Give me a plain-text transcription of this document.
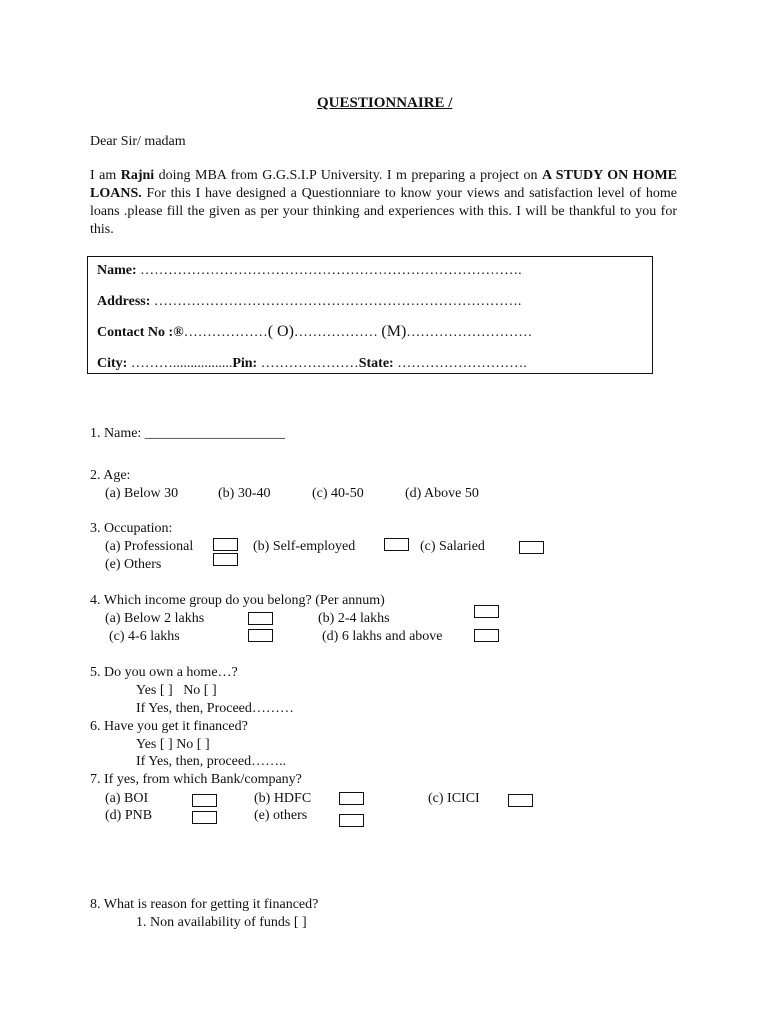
QUESTIONNAIRE /
Dear Sir/ madam
I am Rajni doing MBA from G.G.S.I.P University. I m preparing a project on A STUDY ON HOME LOANS. For this I have designed a Questionniare to know your views and satisfaction level of home loans .please fill the given as per your thinking and experiences with this. I will be thankful to you for this.
Name: ……………………………………………………………………….
Address: …………………………………………………………………….
Contact No :®………………( O)……………… (M)………………………
City: ……….................Pin: …………………State: ……………………….
1. Name: ____________________
2. Age:
(a) Below 30	(b) 30-40	(c) 40-50	(d) Above 50
3. Occupation:
(a) Professional	(b) Self-employed	(c) Salaried
(e) Others
4. Which income group do you belong? (Per annum)
(a) Below 2 lakhs	(b) 2-4 lakhs
(c) 4-6 lakhs	(d) 6 lakhs and above
5. Do you own a home…?
Yes [ ]   No [ ]
If Yes, then, Proceed………
6. Have you get it financed?
Yes [ ] No [ ]
If Yes, then, proceed……..
7. If yes, from which Bank/company?
(a) BOI	(b) HDFC	(c) ICICI
(d) PNB	(e) others
8. What is reason for getting it financed?
1. Non availability of funds [ ]
